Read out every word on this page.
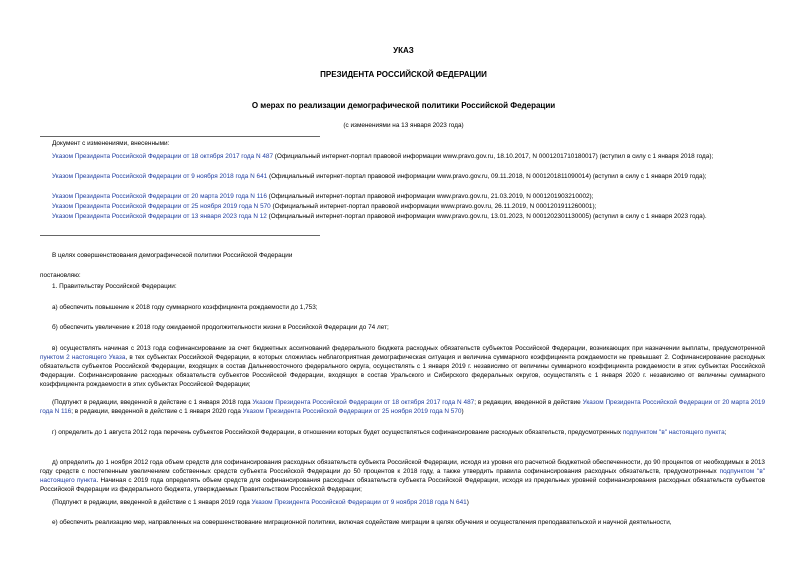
УКАЗ
ПРЕЗИДЕНТА РОССИЙСКОЙ ФЕДЕРАЦИИ
О мерах по реализации демографической политики Российской Федерации
(с изменениями на 13 января 2023 года)
Документ с изменениями, внесенными:
Указом Президента Российской Федерации от 18 октября 2017 года N 487 (Официальный интернет-портал правовой информации www.pravo.gov.ru, 18.10.2017, N 0001201710180017) (вступил в силу с 1 января 2018 года);
Указом Президента Российской Федерации от 9 ноября 2018 года N 641 (Официальный интернет-портал правовой информации www.pravo.gov.ru, 09.11.2018, N 0001201811090014) (вступил в силу с 1 января 2019 года);
Указом Президента Российской Федерации от 20 марта 2019 года N 116 (Официальный интернет-портал правовой информации www.pravo.gov.ru, 21.03.2019, N 0001201903210002);
Указом Президента Российской Федерации от 25 ноября 2019 года N 570 (Официальный интернет-портал правовой информации www.pravo.gov.ru, 26.11.2019, N 0001201911260001);
Указом Президента Российской Федерации от 13 января 2023 года N 12 (Официальный интернет-портал правовой информации www.pravo.gov.ru, 13.01.2023, N 0001202301130005) (вступил в силу с 1 января 2023 года).
В целях совершенствования демографической политики Российской Федерации
постановляю:
1. Правительству Российской Федерации:
а) обеспечить повышение к 2018 году суммарного коэффициента рождаемости до 1,753;
б) обеспечить увеличение к 2018 году ожидаемой продолжительности жизни в Российской Федерации до 74 лет;
в) осуществлять начиная с 2013 года софинансирование за счет бюджетных ассигнований федерального бюджета расходных обязательств субъектов Российской Федерации, возникающих при назначении выплаты, предусмотренной пунктом 2 настоящего Указа, в тех субъектах Российской Федерации, в которых сложилась неблагоприятная демографическая ситуация и величина суммарного коэффициента рождаемости не превышает 2. Софинансирование расходных обязательств субъектов Российской Федерации, входящих в состав Дальневосточного федерального округа, осуществлять с 1 января 2019 г. независимо от величины суммарного коэффициента рождаемости в этих субъектах Российской Федерации. Софинансирование расходных обязательств субъектов Российской Федерации, входящих в состав Уральского и Сибирского федеральных округов, осуществлять с 1 января 2020 г. независимо от величины суммарного коэффициента рождаемости в этих субъектах Российской Федерации;
(Подпункт в редакции, введенной в действие с 1 января 2018 года Указом Президента Российской Федерации от 18 октября 2017 года N 487; в редакции, введенной в действие Указом Президента Российской Федерации от 20 марта 2019 года N 116; в редакции, введенной в действие с 1 января 2020 года Указом Президента Российской Федерации от 25 ноября 2019 года N 570)
г) определить до 1 августа 2012 года перечень субъектов Российской Федерации, в отношении которых будет осуществляться софинансирование расходных обязательств, предусмотренных подпунктом "в" настоящего пункта;
д) определить до 1 ноября 2012 года объем средств для софинансирования расходных обязательств субъекта Российской Федерации, исходя из уровня его расчетной бюджетной обеспеченности, до 90 процентов от необходимых в 2013 году средств с постепенным увеличением собственных средств субъекта Российской Федерации до 50 процентов к 2018 году, а также утвердить правила софинансирования расходных обязательств, предусмотренных подпунктом "в" настоящего пункта. Начиная с 2019 года определять объем средств для софинансирования расходных обязательств субъекта Российской Федерации, исходя из предельных уровней софинансирования расходных обязательств субъектов Российской Федерации из федерального бюджета, утверждаемых Правительством Российской Федерации;
(Подпункт в редакции, введенной в действие с 1 января 2019 года Указом Президента Российской Федерации от 9 ноября 2018 года N 641)
е) обеспечить реализацию мер, направленных на совершенствование миграционной политики, включая содействие миграции в целях обучения и осуществления преподавательской и научной деятельности,
